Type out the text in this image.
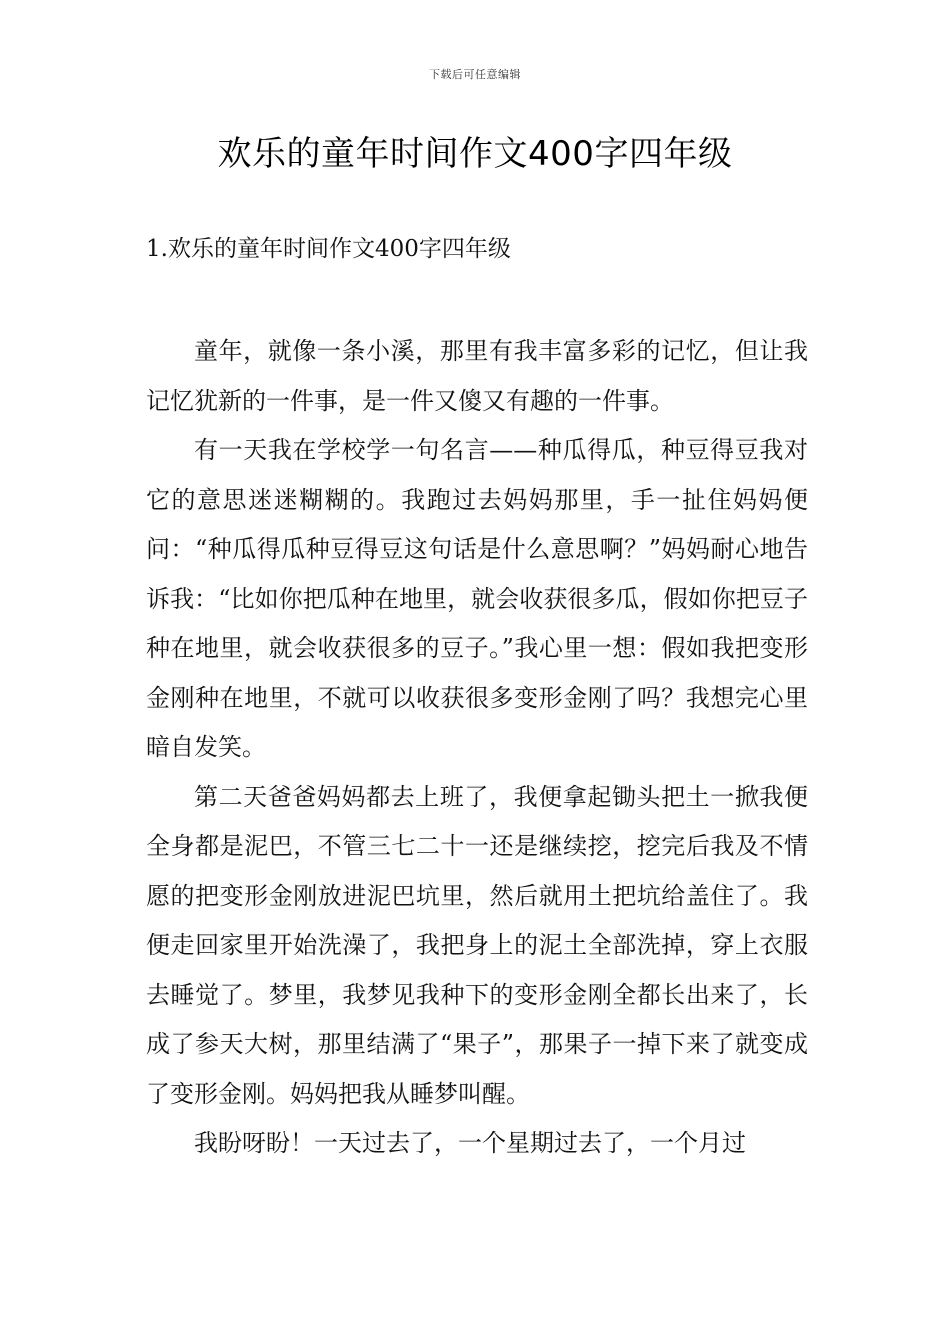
下载后可任意编辑
欢乐的童年时间作文400字四年级
1.欢乐的童年时间作文400字四年级

童年，就像一条小溪，那里有我丰富多彩的记忆，但让我记忆犹新的一件事，是一件又傻又有趣的一件事。

有一天我在学校学一句名言——种瓜得瓜，种豆得豆我对它的意思迷迷糊糊的。我跑过去妈妈那里，手一扯住妈妈便问：“种瓜得瓜种豆得豆这句话是什么意思啊？”妈妈耐心地告诉我：“比如你把瓜种在地里，就会收获很多瓜，假如你把豆子种在地里，就会收获很多的豆子。”我心里一想：假如我把变形金刚种在地里，不就可以收获很多变形金刚了吗？我想完心里暗自发笑。

第二天爸爸妈妈都去上班了，我便拿起锄头把土一掀我便全身都是泥巴，不管三七二十一还是继续挖，挖完后我及不情愿的把变形金刚放进泥巴坑里，然后就用土把坑给盖住了。我便走回家里开始洗澡了，我把身上的泥土全部洗掉，穿上衣服去睡觉了。梦里，我梦见我种下的变形金刚全都长出来了，长成了参天大树，那里结满了“果子”，那果子一掉下来了就变成了变形金刚。妈妈把我从睡梦叫醒。

我盼呀盼！一天过去了，一个星期过去了，一个月过
